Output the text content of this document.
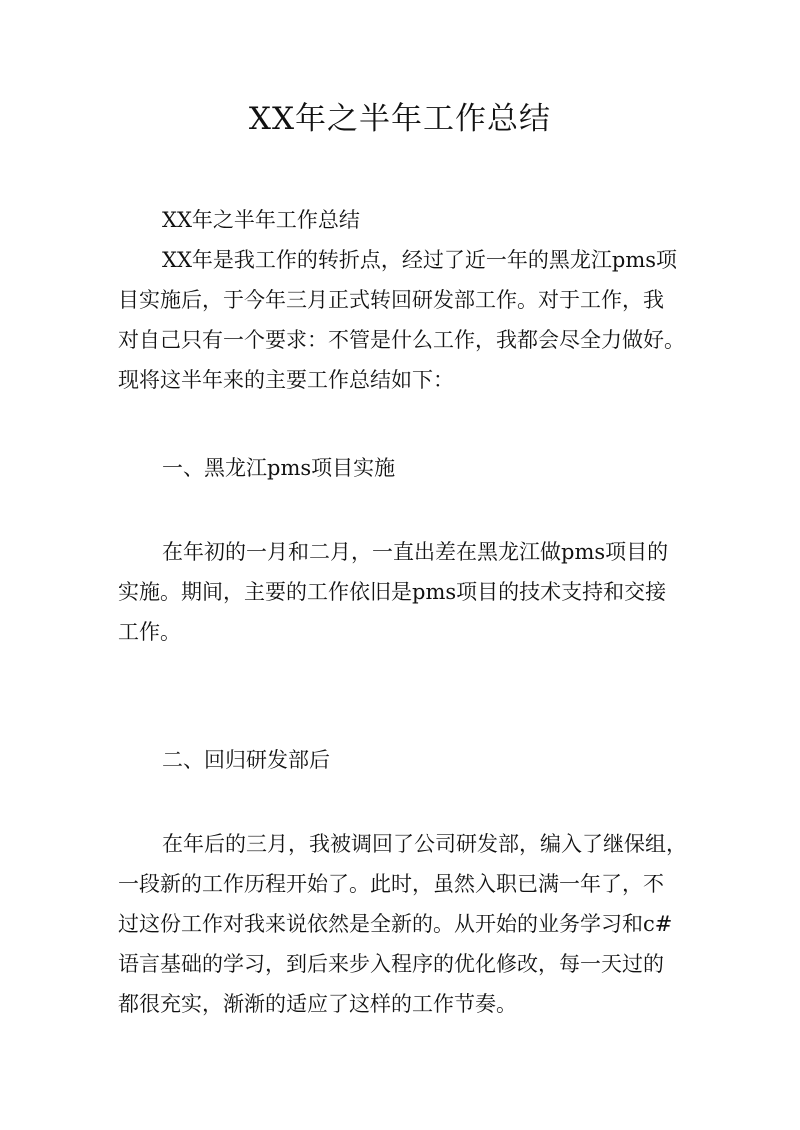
XX年之半年工作总结

XX年之半年工作总结

XX年是我工作的转折点，经过了近一年的黑龙江pms项
目实施后，于今年三月正式转回研发部工作。对于工作，我
对自己只有一个要求：不管是什么工作，我都会尽全力做好。
现将这半年来的主要工作总结如下：

一、黑龙江pms项目实施

在年初的一月和二月，一直出差在黑龙江做pms项目的
实施。期间，主要的工作依旧是pms项目的技术支持和交接
工作。

二、回归研发部后

在年后的三月，我被调回了公司研发部，编入了继保组，
一段新的工作历程开始了。此时，虽然入职已满一年了，不
过这份工作对我来说依然是全新的。从开始的业务学习和c#
语言基础的学习，到后来步入程序的优化修改，每一天过的
都很充实，渐渐的适应了这样的工作节奏。
